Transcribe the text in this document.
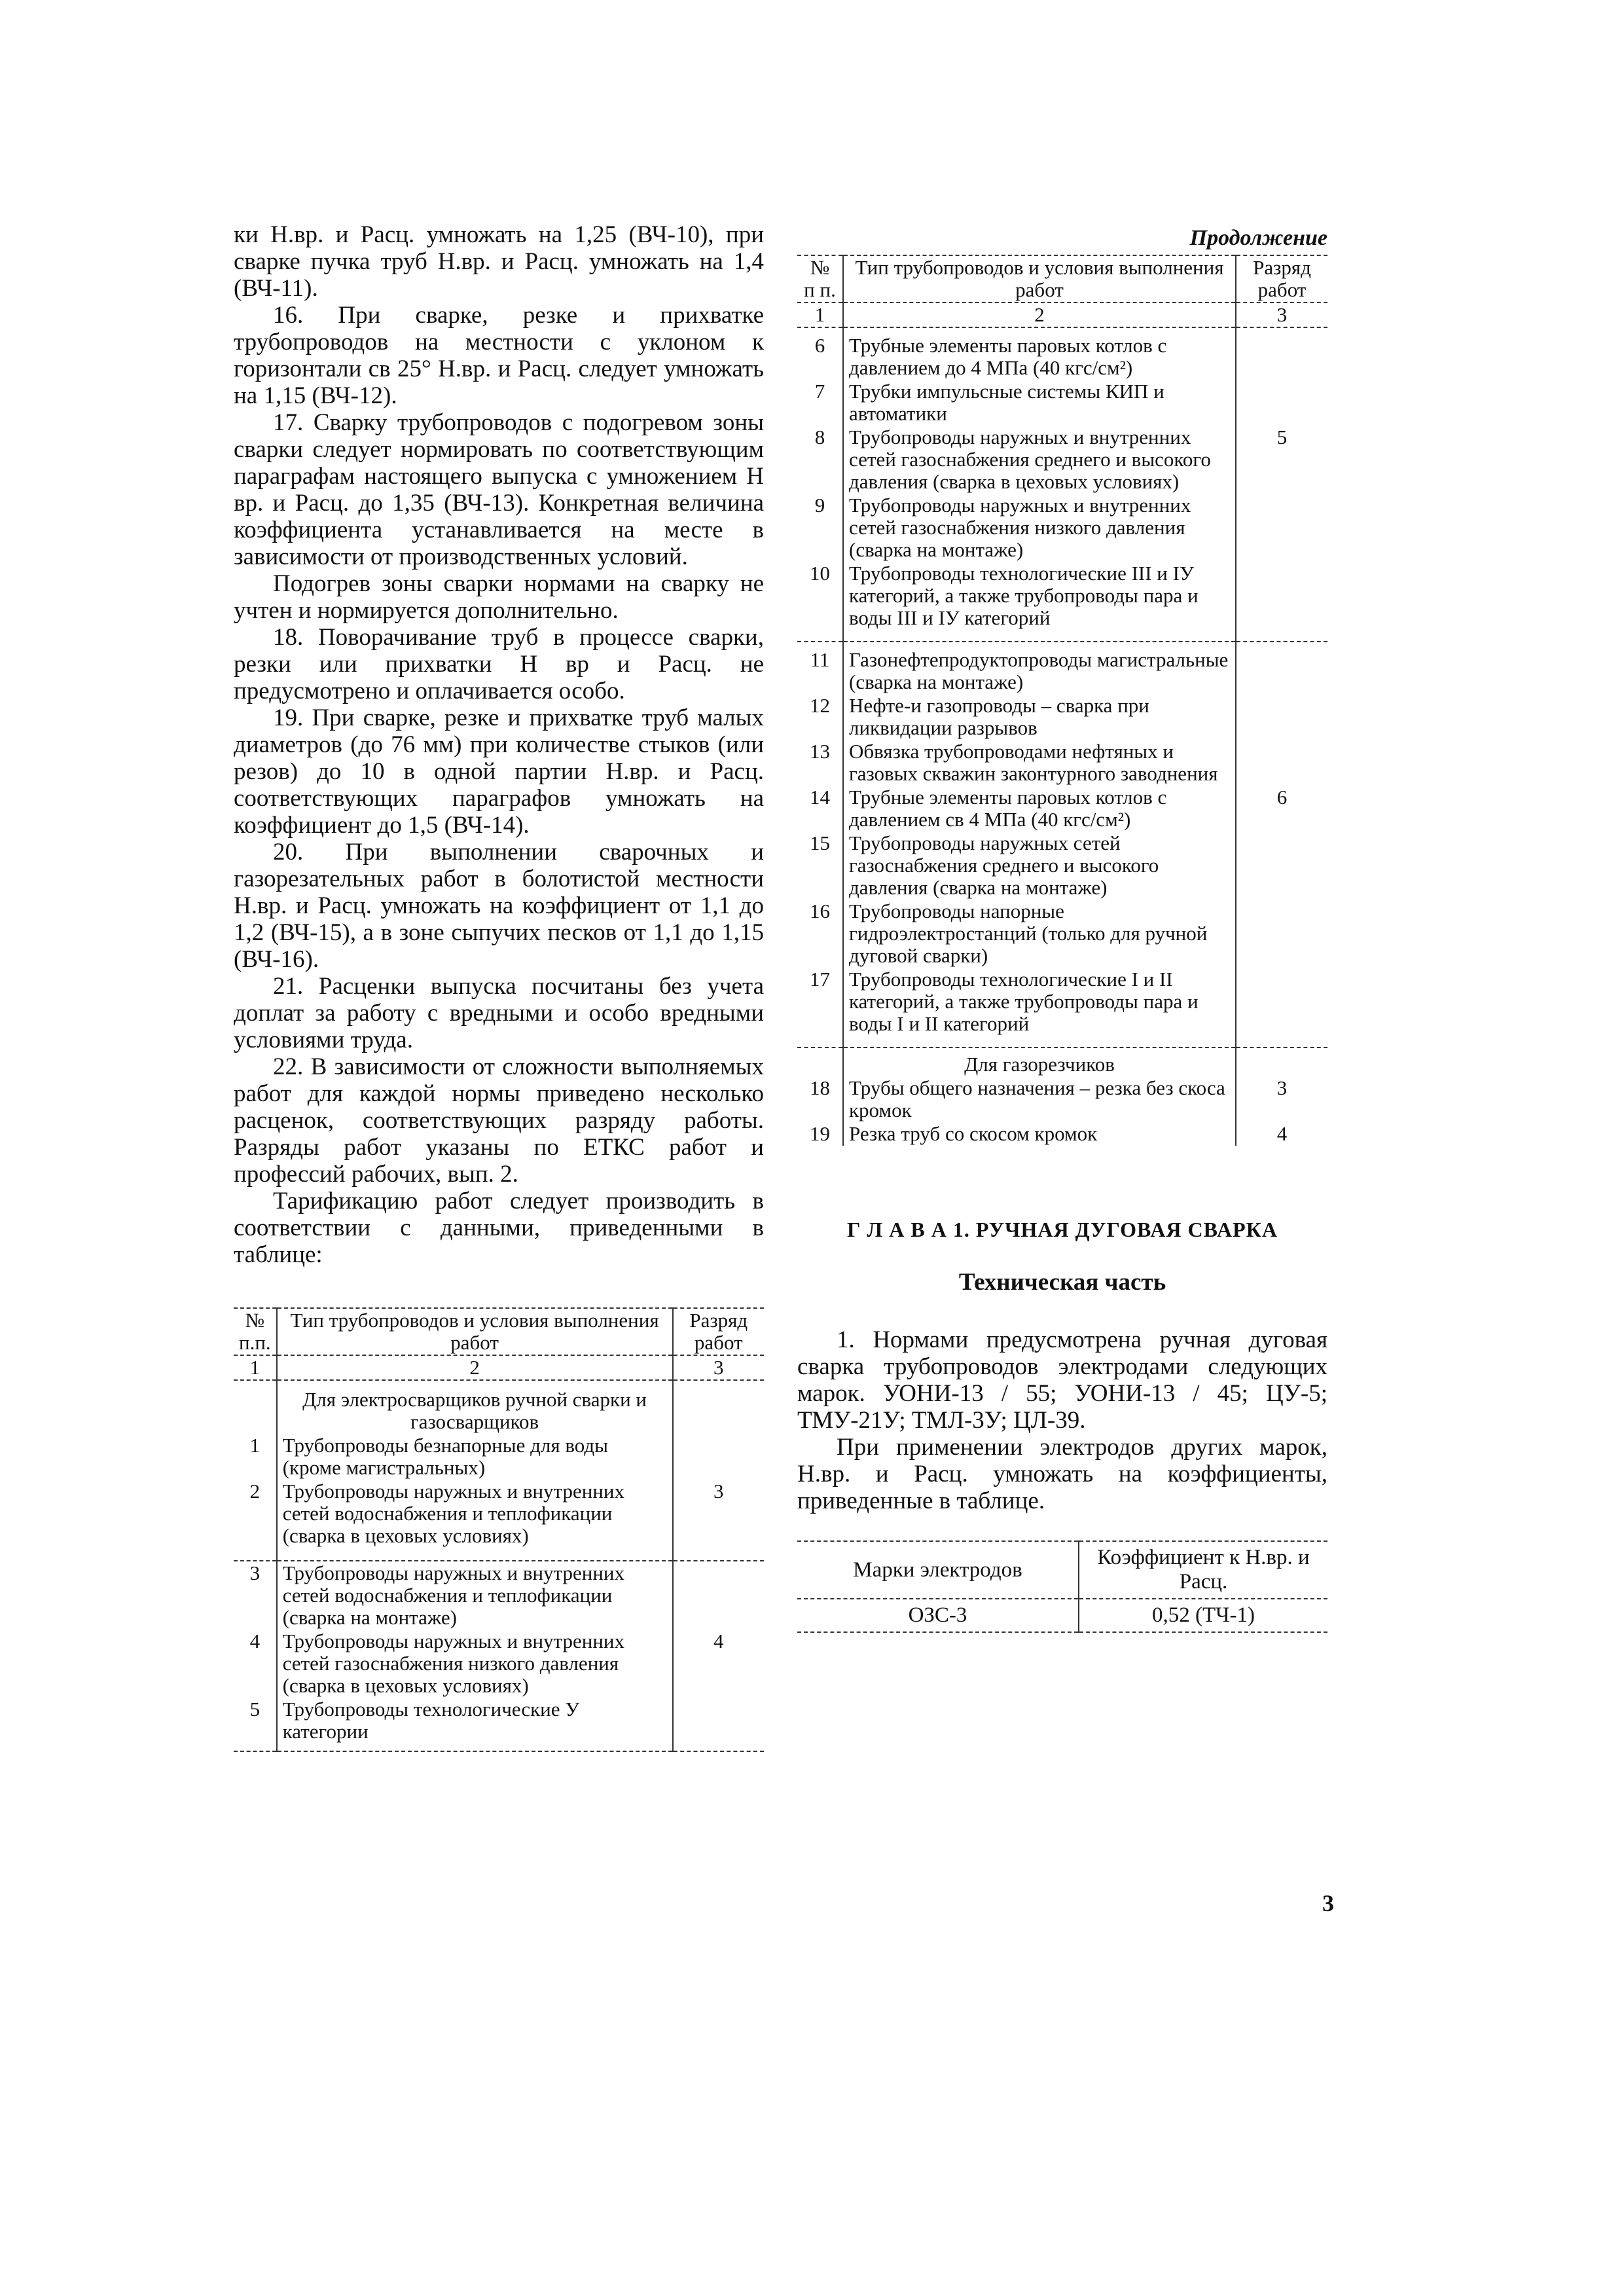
ки Н.вр. и Расц. умножать на 1,25 (ВЧ-10), при сварке пучка труб Н.вр. и Расц. умножать на 1,4 (ВЧ-11).

16. При сварке, резке и прихватке трубопроводов на местности с уклоном к горизонтали св 25° Н.вр. и Расц. следует умножать на 1,15 (ВЧ-12).

17. Сварку трубопроводов с подогревом зоны сварки следует нормировать по соответствующим параграфам настоящего выпуска с умножением Н вр. и Расц. до 1,35 (ВЧ-13). Конкретная величина коэффициента устанавливается на месте в зависимости от производственных условий.

Подогрев зоны сварки нормами на сварку не учтен и нормируется дополнительно.

18. Поворачивание труб в процессе сварки, резки или прихватки Н вр и Расц. не предусмотрено и оплачивается особо.

19. При сварке, резке и прихватке труб малых диаметров (до 76 мм) при количестве стыков (или резов) до 10 в одной партии Н.вр. и Расц. соответствующих параграфов умножать на коэффициент до 1,5 (ВЧ-14).

20. При выполнении сварочных и газорезательных работ в болотистой местности Н.вр. и Расц. умножать на коэффициент от 1,1 до 1,2 (ВЧ-15), а в зоне сыпучих песков от 1,1 до 1,15 (ВЧ-16).

21. Расценки выпуска посчитаны без учета доплат за работу с вредными и особо вредными условиями труда.

22. В зависимости от сложности выполняемых работ для каждой нормы приведено несколько расценок, соответствующих разряду работы. Разряды работ указаны по ЕТКС работ и профессий рабочих, вып. 2.

Тарификацию работ следует производить в соответствии с данными, приведенными в таблице:

№ п.п.	Тип трубопроводов и условия выполнения работ	Разряд работ
1	2	3
	Для электросварщиков ручной сварки и газосварщиков	
1	Трубопроводы безнапорные для воды (кроме магистральных)	
2	Трубопроводы наружных и внутренних сетей водоснабжения и теплофикации (сварка в цеховых условиях)	3
3	Трубопроводы наружных и внутренних сетей водоснабжения и теплофикации (сварка на монтаже)	
4	Трубопроводы наружных и внутренних сетей газоснабжения низкого давления (сварка в цеховых условиях)	4
5	Трубопроводы технологические У категории	

Продолжение

№ п п.	Тип трубопроводов и условия выполнения работ	Разряд работ
1	2	3
6	Трубные элементы паровых котлов с давлением до 4 МПа (40 кгс/см²)	
7	Трубки импульсные системы КИП и автоматики	
8	Трубопроводы наружных и внутренних сетей газоснабжения среднего и высокого давления (сварка в цеховых условиях)	5
9	Трубопроводы наружных и внутренних сетей газоснабжения низкого давления (сварка на монтаже)	
10	Трубопроводы технологические III и IУ категорий, а также трубопроводы пара и воды III и IУ категорий	
11	Газонефтепродуктопроводы магистральные (сварка на монтаже)	
12	Нефте-и газопроводы – сварка при ликвидации разрывов	
13	Обвязка трубопроводами нефтяных и газовых скважин законтурного заводнения	
14	Трубные элементы паровых котлов с давлением св 4 МПа (40 кгс/см²)	6
15	Трубопроводы наружных сетей газоснабжения среднего и высокого давления (сварка на монтаже)	
16	Трубопроводы напорные гидроэлектростанций (только для ручной дуговой сварки)	
17	Трубопроводы технологические I и II категорий, а также трубопроводы пара и воды I и II категорий	
	Для газорезчиков	
18	Трубы общего назначения – резка без скоса кромок	3
19	Резка труб со скосом кромок	4

Г Л А В А 1. РУЧНАЯ ДУГОВАЯ СВАРКА

Техническая часть

1. Нормами предусмотрена ручная дуговая сварка трубопроводов электродами следующих марок. УОНИ-13 / 55; УОНИ-13 / 45; ЦУ-5; ТМУ-21У; ТМЛ-3У; ЦЛ-39.

При применении электродов других марок, Н.вр. и Расц. умножать на коэффициенты, приведенные в таблице.

Марки электродов	Коэффициент к Н.вр. и Расц.
ОЗС-3	0,52 (ТЧ-1)
3
